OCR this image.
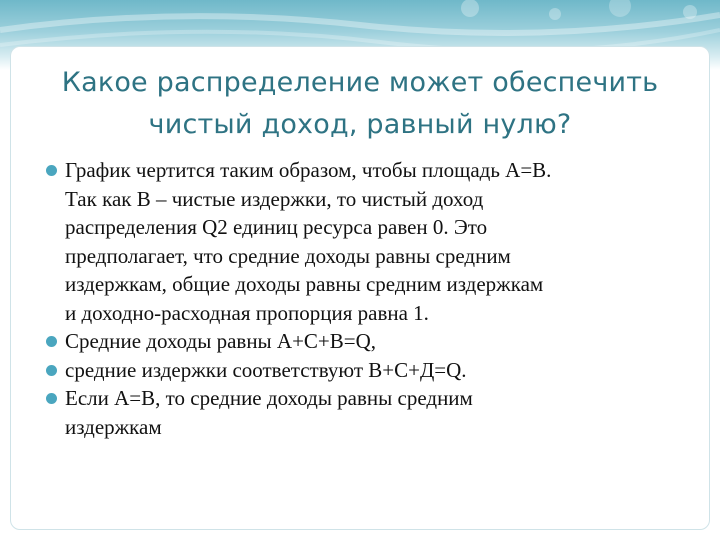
Какое распределение может обеспечить
чистый доход, равный нулю?
График чертится таким образом, чтобы площадь А=В.
Так как В – чистые издержки, то чистый доход
распределения Q2 единиц ресурса равен 0. Это
предполагает, что средние доходы равны средним
издержкам, общие доходы равны средним издержкам
и доходно-расходная пропорция равна 1.
Средние доходы равны А+С+В=Q,
средние издержки соответствуют В+С+Д=Q.
Если А=В, то средние доходы равны средним
издержкам
